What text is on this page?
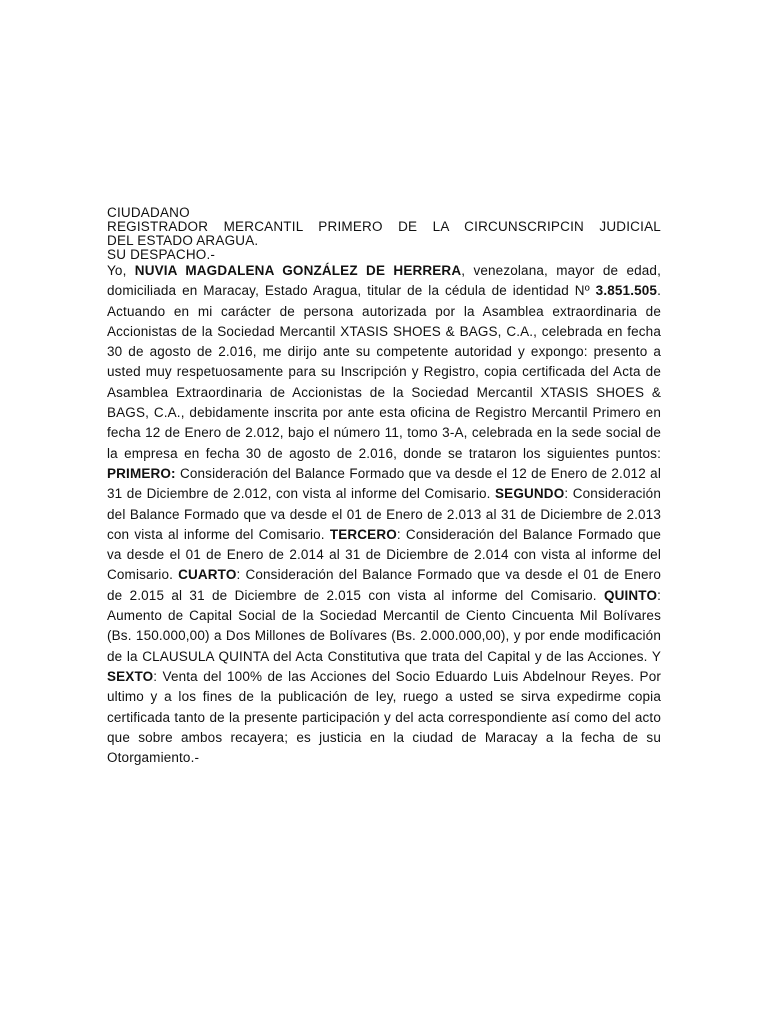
CIUDADANO
REGISTRADOR MERCANTIL PRIMERO DE LA CIRCUNSCRIPCIN JUDICIAL
DEL ESTADO ARAGUA.
SU DESPACHO.-
Yo, NUVIA MAGDALENA GONZÁLEZ DE HERRERA, venezolana, mayor de edad, domiciliada en Maracay, Estado Aragua, titular de la cédula de identidad Nº 3.851.505. Actuando en mi carácter de persona autorizada por la Asamblea extraordinaria de Accionistas de la Sociedad Mercantil XTASIS SHOES & BAGS, C.A., celebrada en fecha 30 de agosto de 2.016, me dirijo ante su competente autoridad y expongo: presento a usted muy respetuosamente para su Inscripción y Registro, copia certificada del Acta de Asamblea Extraordinaria de Accionistas de la Sociedad Mercantil XTASIS SHOES & BAGS, C.A., debidamente inscrita por ante esta oficina de Registro Mercantil Primero en fecha 12 de Enero de 2.012, bajo el número 11, tomo 3-A, celebrada en la sede social de la empresa en fecha 30 de agosto de 2.016, donde se trataron los siguientes puntos: PRIMERO: Consideración del Balance Formado que va desde el 12 de Enero de 2.012 al 31 de Diciembre de 2.012, con vista al informe del Comisario. SEGUNDO: Consideración del Balance Formado que va desde el 01 de Enero de 2.013 al 31 de Diciembre de 2.013 con vista al informe del Comisario. TERCERO: Consideración del Balance Formado que va desde el 01 de Enero de 2.014 al 31 de Diciembre de 2.014 con vista al informe del Comisario. CUARTO: Consideración del Balance Formado que va desde el 01 de Enero de 2.015 al 31 de Diciembre de 2.015 con vista al informe del Comisario. QUINTO: Aumento de Capital Social de la Sociedad Mercantil de Ciento Cincuenta Mil Bolívares (Bs. 150.000,00) a Dos Millones de Bolívares (Bs. 2.000.000,00), y por ende modificación de la CLAUSULA QUINTA del Acta Constitutiva que trata del Capital y de las Acciones. Y SEXTO: Venta del 100% de las Acciones del Socio Eduardo Luis Abdelnour Reyes. Por ultimo y a los fines de la publicación de ley, ruego a usted se sirva expedirme copia certificada tanto de la presente participación y del acta correspondiente así como del acto que sobre ambos recayera; es justicia en la ciudad de Maracay a la fecha de su Otorgamiento.-
